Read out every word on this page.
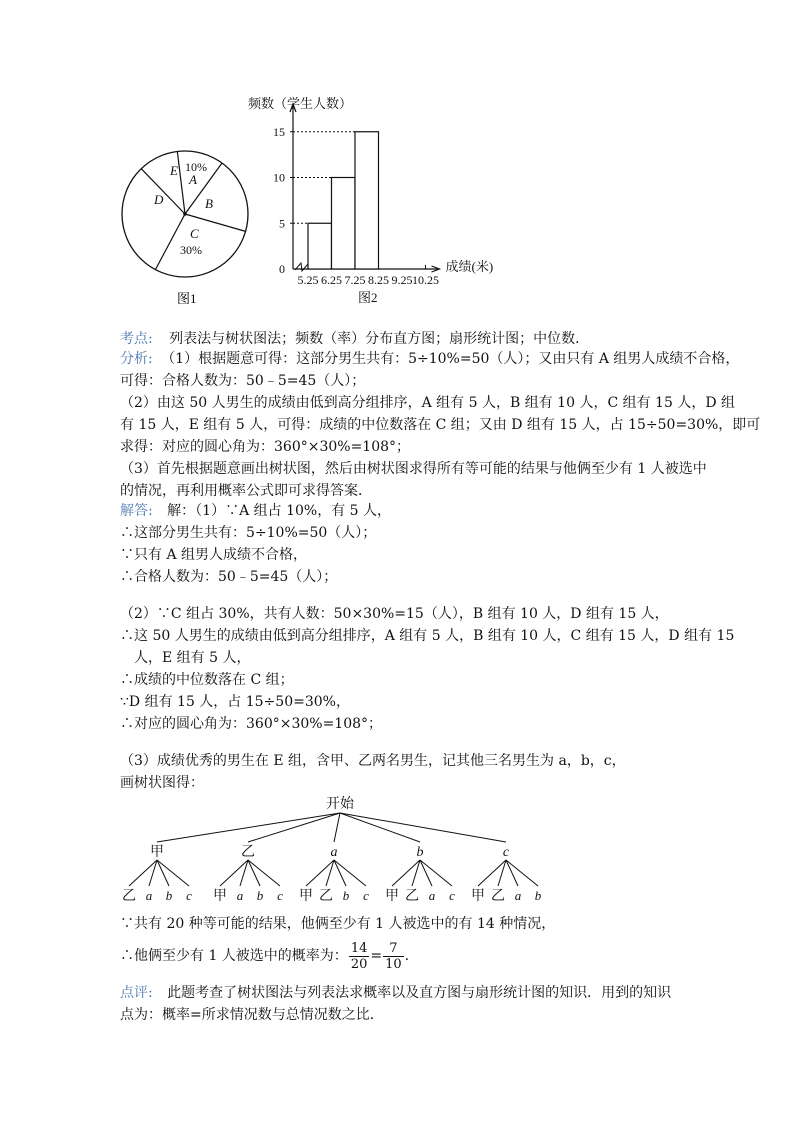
A
10%
B
C
30%
D
E
图1
频数（学生人数）
0
5
10
15
5.25 6.25 7.25 8.25 9.25 10.25
成绩(米)
图2
考点: 列表法与树状图法；频数（率）分布直方图；扇形统计图；中位数．
分析: （1）根据题意可得：这部分男生共有：5÷10%=50（人）；又由只有 A 组男人成绩不合格，
可得：合格人数为：50﹣5=45（人）；
（2）由这 50 人男生的成绩由低到高分组排序，A 组有 5 人，B 组有 10 人，C 组有 15 人，D 组
有 15 人，E 组有 5 人，可得：成绩的中位数落在 C 组；又由 D 组有 15 人，占 15÷50=30%，即可
求得：对应的圆心角为：360°×30%=108°；
（3）首先根据题意画出树状图，然后由树状图求得所有等可能的结果与他俩至少有 1 人被选中
的情况，再利用概率公式即可求得答案．
解答: 解：（1）∵A 组占 10%，有 5 人，
∴这部分男生共有：5÷10%=50（人）；
∵只有 A 组男人成绩不合格，
∴合格人数为：50﹣5=45（人）；
（2）∵C 组占 30%，共有人数：50×30%=15（人），B 组有 10 人，D 组有 15 人，
∴这 50 人男生的成绩由低到高分组排序，A 组有 5 人，B 组有 10 人，C 组有 15 人，D 组有 15
人，E 组有 5 人，
∴成绩的中位数落在 C 组；
∵D 组有 15 人，占 15÷50=30%，
∴对应的圆心角为：360°×30%=108°；
（3）成绩优秀的男生在 E 组，含甲、乙两名男生，记其他三名男生为 a，b，c，
画树状图得：
开始
甲
乙 a b c
乙
甲 a b c
a
甲 乙 b c
b
甲 乙 a c
c
甲 乙 a b
∵共有 20 种等可能的结果，他俩至少有 1 人被选中的有 14 种情况，
∴他俩至少有 1 人被选中的概率为： $\frac{14}{20} = \frac{7}{10}$ .
点评: 此题考查了树状图法与列表法求概率以及直方图与扇形统计图的知识．用到的知识
点为：概率=所求情况数与总情况数之比．
